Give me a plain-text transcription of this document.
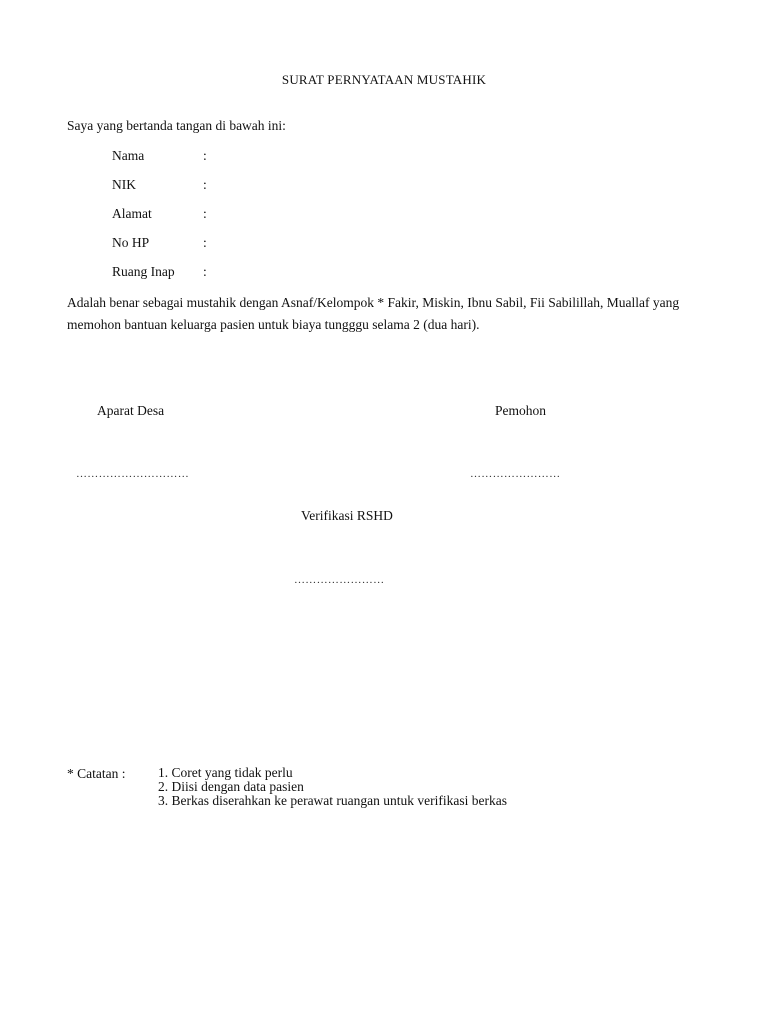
SURAT PERNYATAAN MUSTAHIK
Saya yang bertanda tangan di bawah ini:
Nama	:
NIK	:
Alamat	:
No HP	:
Ruang Inap :
Adalah benar sebagai mustahik dengan Asnaf/Kelompok * Fakir, Miskin, Ibnu Sabil, Fii Sabilillah, Muallaf yang memohon bantuan keluarga pasien untuk biaya tungggu selama 2 (dua hari).
Aparat Desa	Pemohon
…………………………	……………………
Verifikasi RSHD
……………………
* Catatan : 1. Coret yang tidak perlu
2. Diisi dengan data pasien
3. Berkas diserahkan ke perawat ruangan untuk verifikasi berkas
